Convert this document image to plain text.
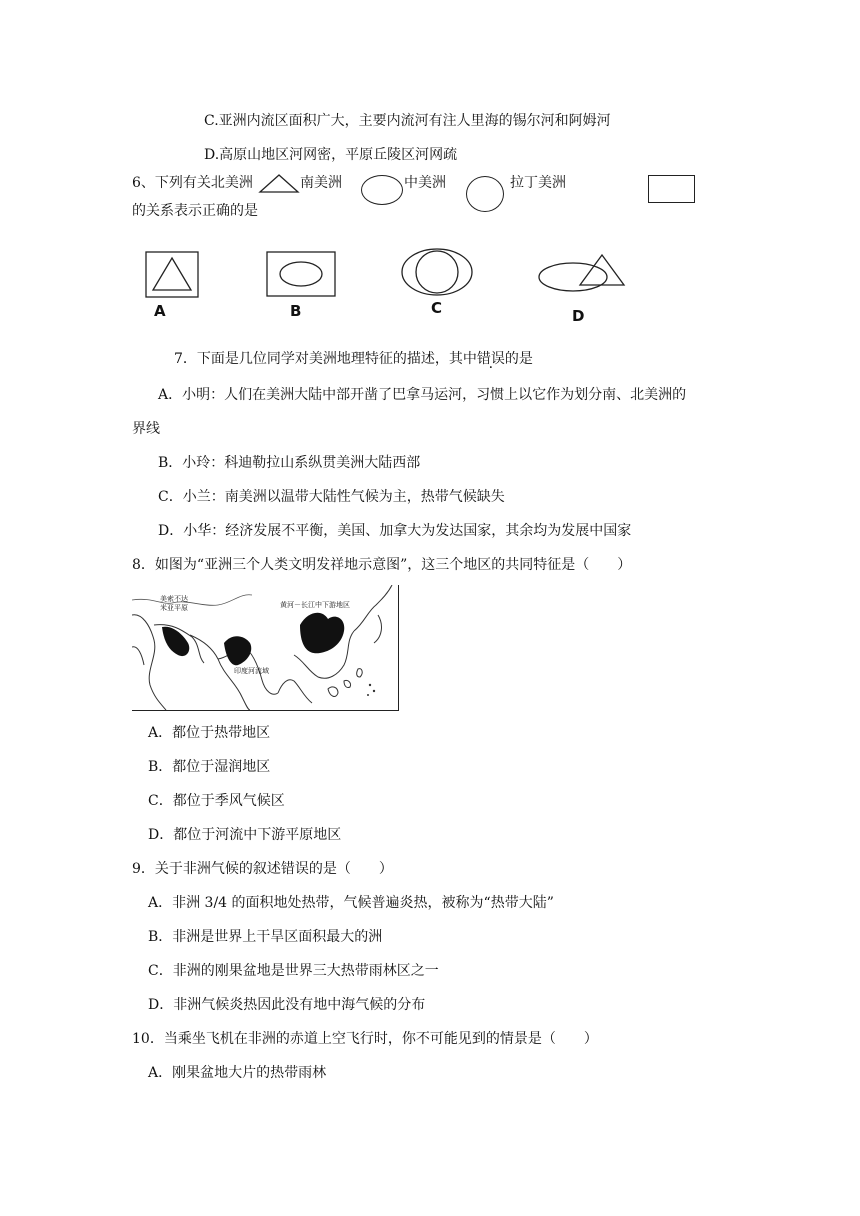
C.亚洲内流区面积广大，主要内流河有注人里海的锡尔河和阿姆河
D.高原山地区河网密，平原丘陵区河网疏
6、下列有关北美洲	南美洲	中美洲	拉丁美洲
的关系表示正确的是
A	B	C	D
7．下面是几位同学对美洲地理特征的描述，其中错误的是
A．小明：人们在美洲大陆中部开凿了巴拿马运河，习惯上以它作为划分南、北美洲的
界线
B．小玲：科迪勒拉山系纵贯美洲大陆西部
C．小兰：南美洲以温带大陆性气候为主，热带气候缺失
D．小华：经济发展不平衡，美国、加拿大为发达国家，其余均为发展中国家
8．如图为“亚洲三个人类文明发祥地示意图”，这三个地区的共同特征是（　　）
美索不达
米亚平原
印度河流域
黄河－长江中下游地区
A．都位于热带地区
B．都位于湿润地区
C．都位于季风气候区
D．都位于河流中下游平原地区
9．关于非洲气候的叙述错误的是（　　）
A．非洲 3/4 的面积地处热带，气候普遍炎热，被称为“热带大陆”
B．非洲是世界上干旱区面积最大的洲
C．非洲的刚果盆地是世界三大热带雨林区之一
D．非洲气候炎热因此没有地中海气候的分布
10．当乘坐飞机在非洲的赤道上空飞行时，你不可能见到的情景是（　　）
A．刚果盆地大片的热带雨林
